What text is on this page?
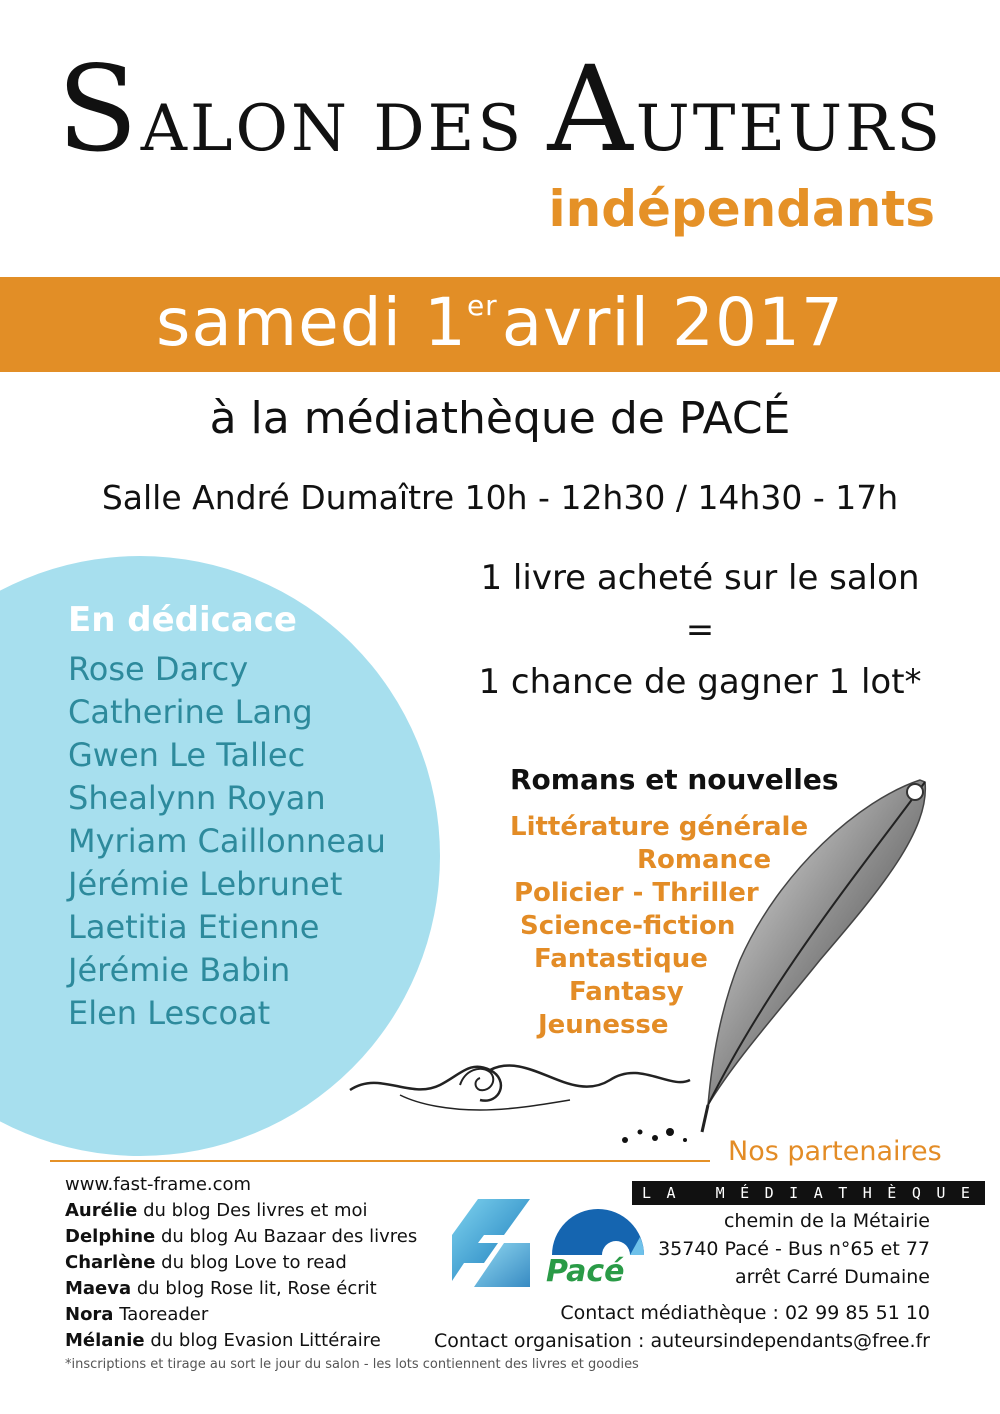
SALON DES AUTEURS
indépendants
samedi 1eravril 2017
à la médiathèque de PACÉ
Salle André Dumaître 10h - 12h30 / 14h30 - 17h
En dédicace
Rose Darcy
Catherine Lang
Gwen Le Tallec
Shealynn Royan
Myriam Caillonneau
Jérémie Lebrunet
Laetitia Etienne
Jérémie Babin
Elen Lescoat
1 livre acheté sur le salon
=
1 chance de gagner 1 lot*
Romans et nouvelles
Littérature générale
Romance
Policier - Thriller
Science-fiction
Fantastique
Fantasy
Jeunesse
Nos partenaires
LA MÉDIATHÈQUE
chemin de la Métairie
35740 Pacé - Bus n°65 et 77
arrêt Carré Dumaine
Contact médiathèque : 02 99 85 51 10
Contact organisation : auteursindependants@free.fr
www.fast-frame.com
Aurélie du blog Des livres et moi
Delphine du blog Au Bazaar des livres
Charlène du blog Love to read
Maeva du blog Rose lit, Rose écrit
Nora Taoreader
Mélanie du blog Evasion Littéraire
Pacé
*inscriptions et tirage au sort le jour du salon - les lots contiennent des livres et goodies
